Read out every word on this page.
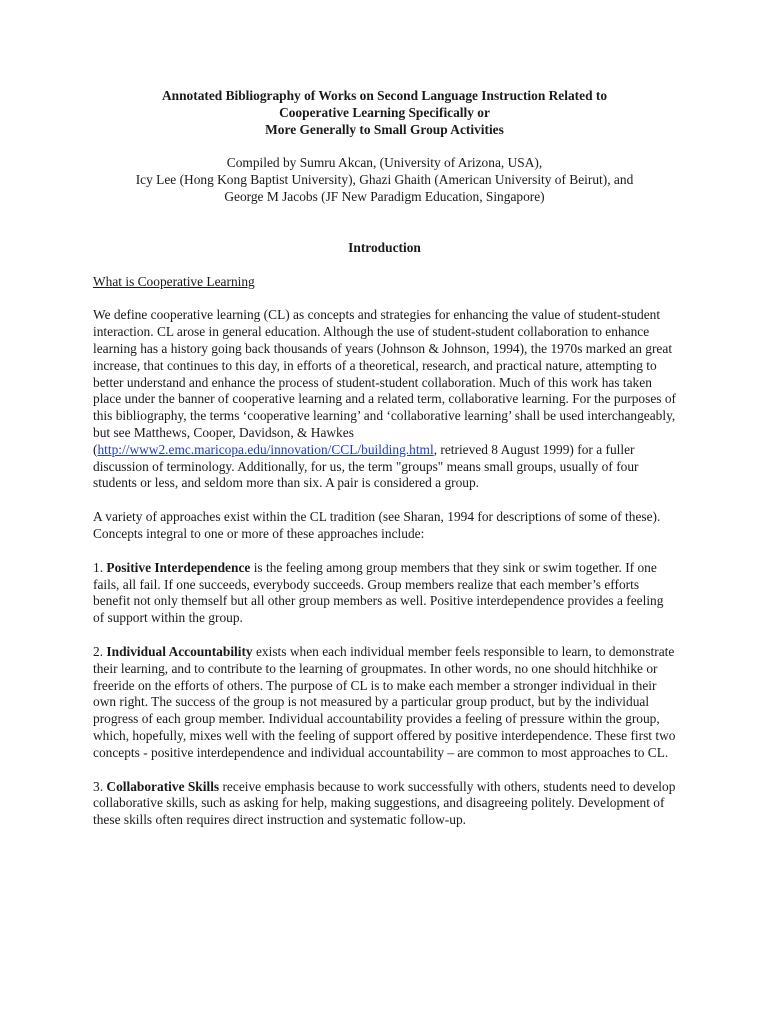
Annotated Bibliography of Works on Second Language Instruction Related to
Cooperative Learning Specifically or
More Generally to Small Group Activities
Compiled by Sumru Akcan, (University of Arizona, USA),
Icy Lee (Hong Kong Baptist University), Ghazi Ghaith (American University of Beirut), and
George M Jacobs (JF New Paradigm Education, Singapore)
Introduction
What is Cooperative Learning

We define cooperative learning (CL) as concepts and strategies for enhancing the value of student-student interaction. CL arose in general education. Although the use of student-student collaboration to enhance learning has a history going back thousands of years (Johnson & Johnson, 1994), the 1970s marked an great increase, that continues to this day, in efforts of a theoretical, research, and practical nature, attempting to better understand and enhance the process of student-student collaboration. Much of this work has taken place under the banner of cooperative learning and a related term, collaborative learning. For the purposes of this bibliography, the terms ‘cooperative learning’ and ‘collaborative learning’ shall be used interchangeably, but see Matthews, Cooper, Davidson, & Hawkes (http://www2.emc.maricopa.edu/innovation/CCL/building.html, retrieved 8 August 1999) for a fuller discussion of terminology. Additionally, for us, the term "groups" means small groups, usually of four students or less, and seldom more than six. A pair is considered a group.

A variety of approaches exist within the CL tradition (see Sharan, 1994 for descriptions of some of these). Concepts integral to one or more of these approaches include:

1. Positive Interdependence is the feeling among group members that they sink or swim together. If one fails, all fail. If one succeeds, everybody succeeds. Group members realize that each member’s efforts benefit not only themself but all other group members as well. Positive interdependence provides a feeling of support within the group.

2. Individual Accountability exists when each individual member feels responsible to learn, to demonstrate their learning, and to contribute to the learning of groupmates. In other words, no one should hitchhike or freeride on the efforts of others. The purpose of CL is to make each member a stronger individual in their own right. The success of the group is not measured by a particular group product, but by the individual progress of each group member. Individual accountability provides a feeling of pressure within the group, which, hopefully, mixes well with the feeling of support offered by positive interdependence. These first two concepts - positive interdependence and individual accountability – are common to most approaches to CL.

3. Collaborative Skills receive emphasis because to work successfully with others, students need to develop collaborative skills, such as asking for help, making suggestions, and disagreeing politely. Development of these skills often requires direct instruction and systematic follow-up.
